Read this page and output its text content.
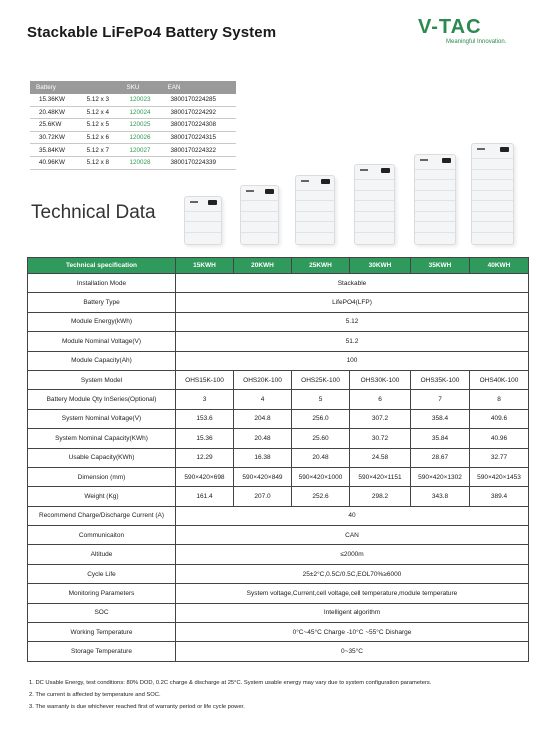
Stackable LiFePo4 Battery System	V-TAC
Meaningful Innovation.
Battery		SKU	EAN
15.36KW	5.12 x 3	120023	3800170224285
20.48KW	5.12 x 4	120024	3800170224292
25.6KW	5.12 x 5	120025	3800170224308
30.72KW	5.12 x 6	120026	3800170224315
35.84KW	5.12 x 7	120027	3800170224322
40.96KW	5.12 x 8	120028	3800170224339
Technical Data
Technical specification	15KWH	20KWH	25KWH	30KWH	35KWH	40KWH
Installation Mode	Stackable					
Battery Type	LifePO4(LFP)					
Module Energy(kWh)	5.12					
Module Nominal Voltage(V)	51.2					
Module Capacity(Ah)	100					
System Model	OHS15K-100	OHS20K-100	OHS25K-100	OHS30K-100	OHS35K-100	OHS40K-100
Battery Module Qty InSeries(Optional)	3	4	5	6	7	8
System Nominal Voltage(V)	153.6	204.8	256.0	307.2	358.4	409.6
System Nominal Capacity(KWh)	15.36	20.48	25.60	30.72	35.84	40.96
Usable Capacity(KWh)	12.29	16.38	20.48	24.58	28.67	32.77
Dimension (mm)	590×420×698	590×420×849	590×420×1000	590×420×1151	590×420×1302	590×420×1453
Weight (Kg)	161.4	207.0	252.6	298.2	343.8	389.4
Recommend Charge/Discharge Current (A)	40					
Communicaiton	CAN					
Altitude	≤2000m					
Cycle Life	25±2°C,0.5C/0.5C,EOL70%≥6000					
Monitoring Parameters	System voltage,Current,cell voltage,cell temperature,module temperature					
SOC	Intelligent algorithm					
Working Temperature	0°C~45°C Charge -10°C ~55°C Disharge					
Storage Temperature	0~35°C					
1. DC Usable Energy, test conditions: 80% DOD, 0.2C charge & discharge at 25°C. System usable energy may vary due to system configuration parameters.
2. The current is affected by temperature and SOC.
3. The warranty is due whichever reached first of warranty period or life cycle power.
